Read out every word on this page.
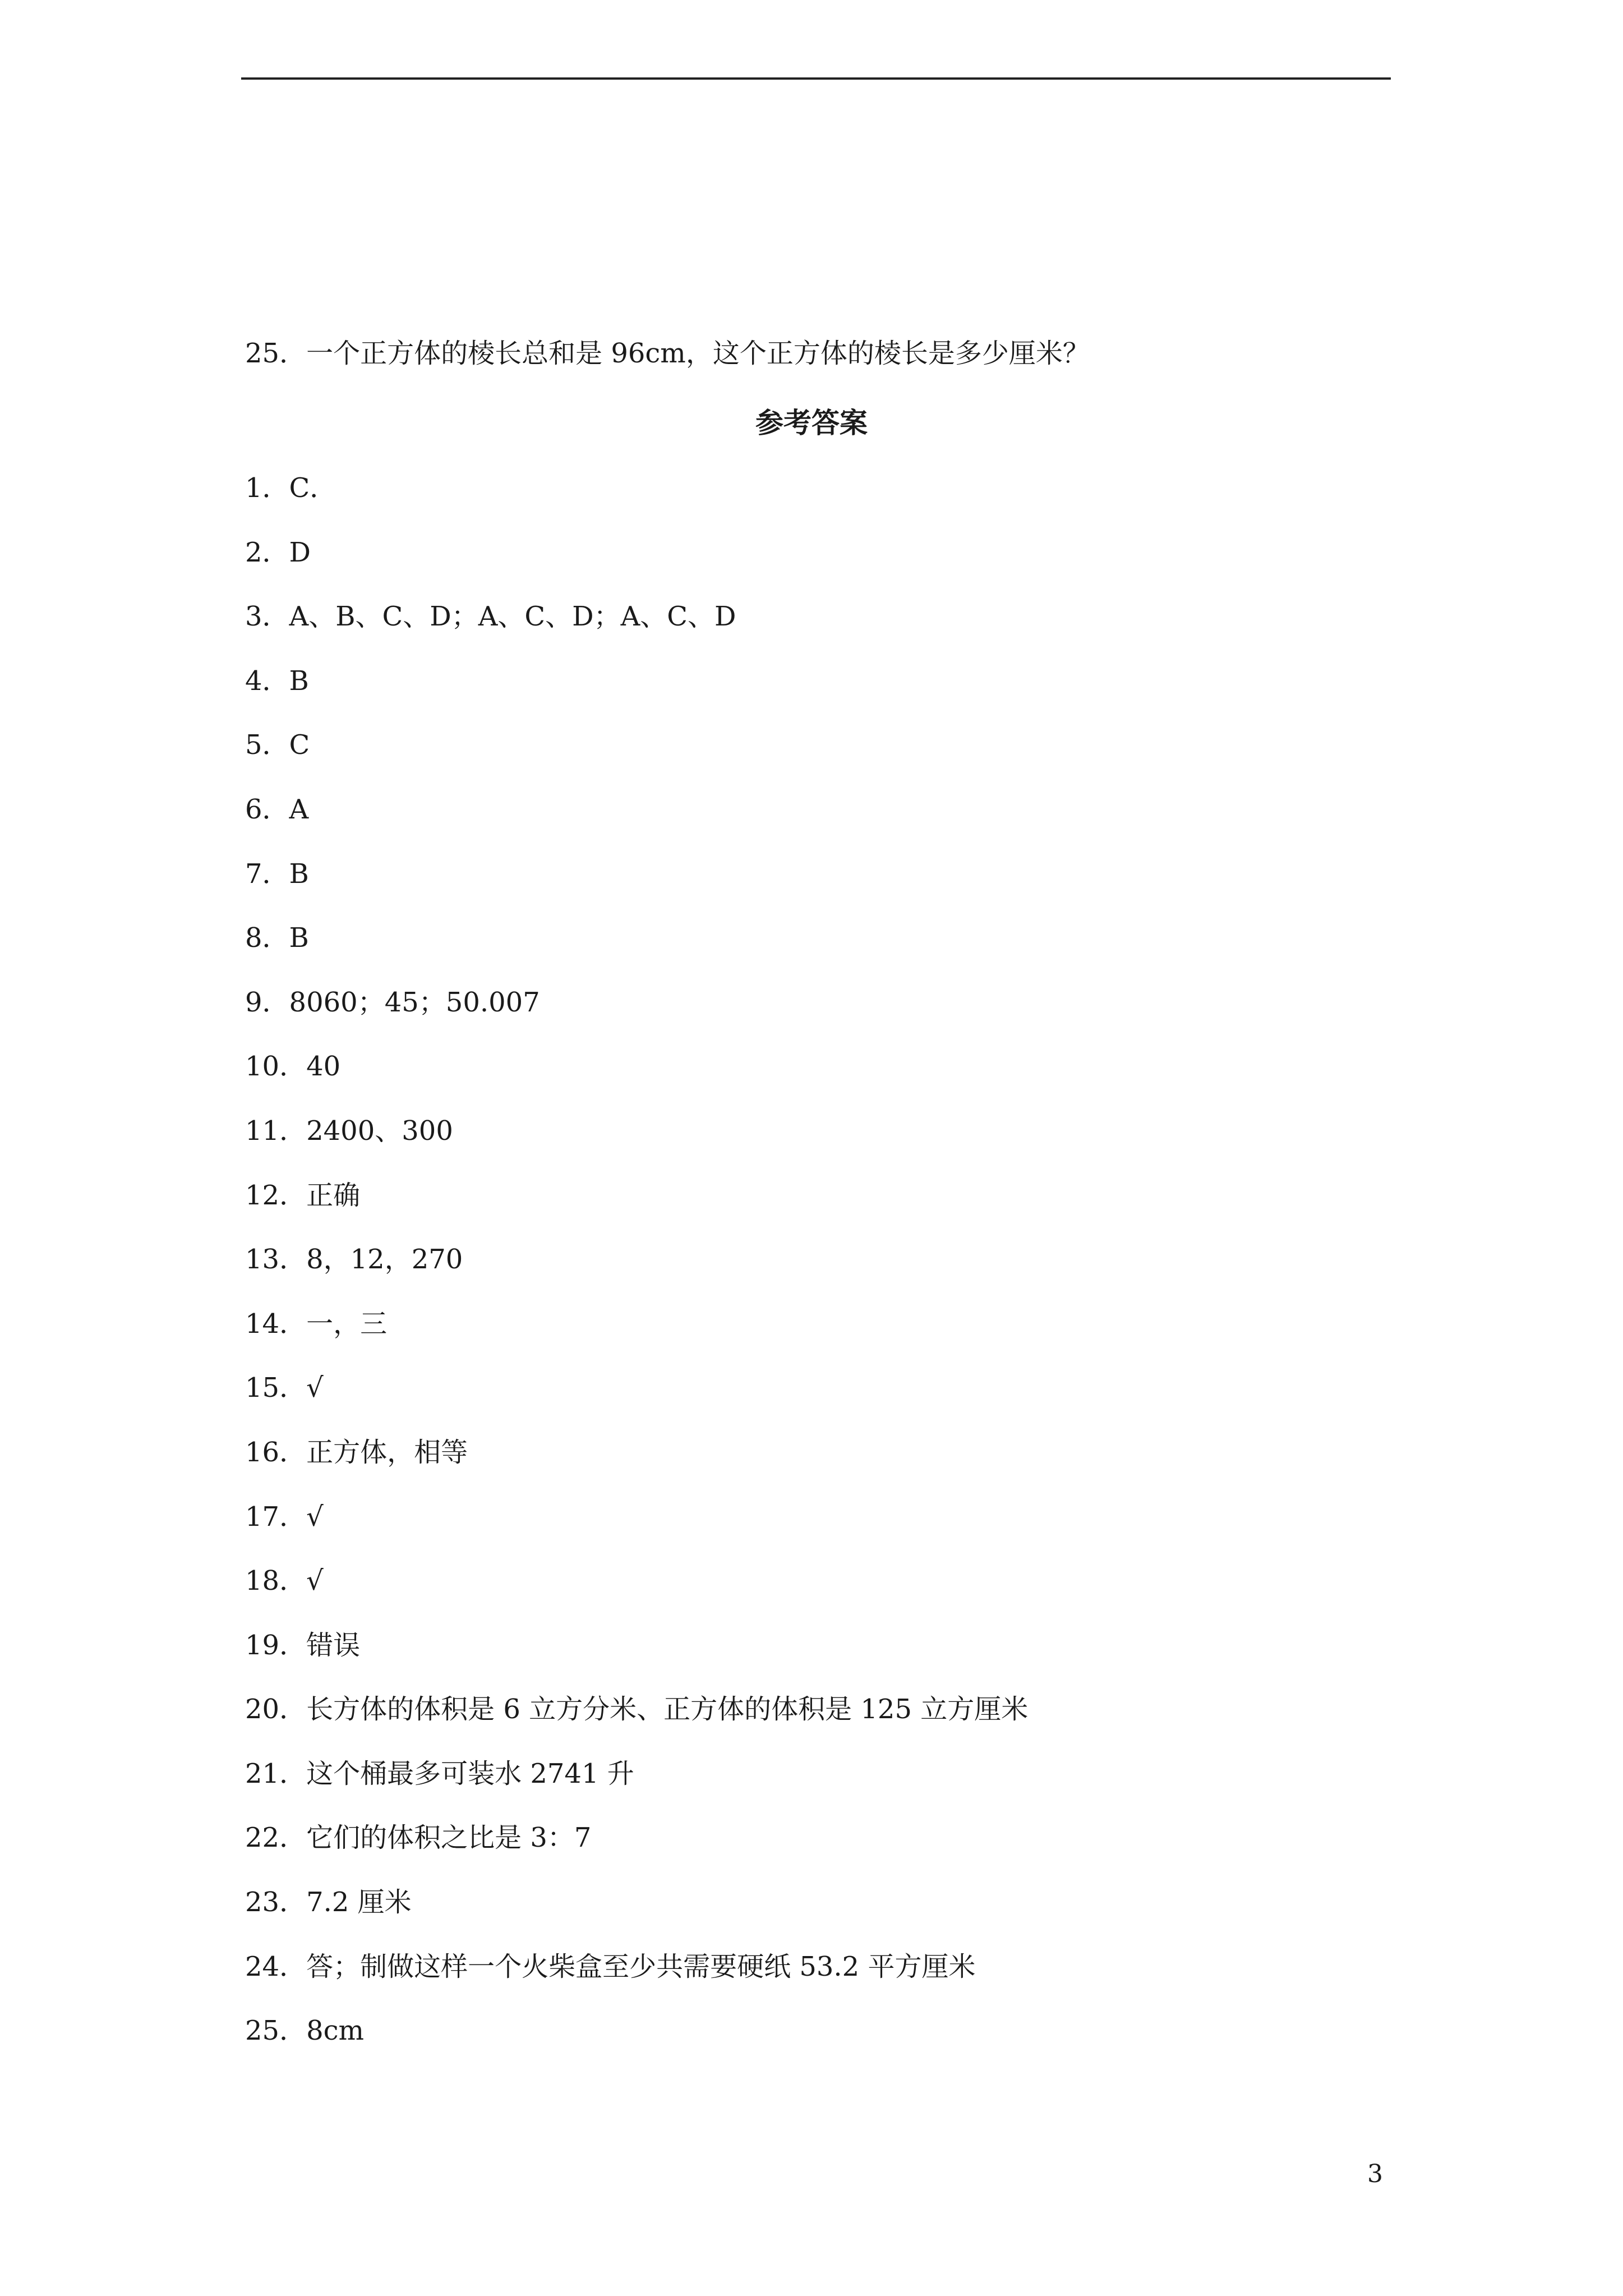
25．一个正方体的棱长总和是 96cm，这个正方体的棱长是多少厘米？
参考答案
1．C．
2．D
3．A、B、C、D；A、C、D；A、C、D
4．B
5．C
6．A
7．B
8．B
9．8060；45；50.007
10．40
11．2400、300
12．正确
13．8，12，270
14．一，三
15．√
16．正方体，相等
17．√
18．√
19．错误
20．长方体的体积是 6 立方分米、正方体的体积是 125 立方厘米
21．这个桶最多可装水 2741 升
22．它们的体积之比是 3：7
23．7.2 厘米
24．答；制做这样一个火柴盒至少共需要硬纸 53.2 平方厘米
25．8cm
3
